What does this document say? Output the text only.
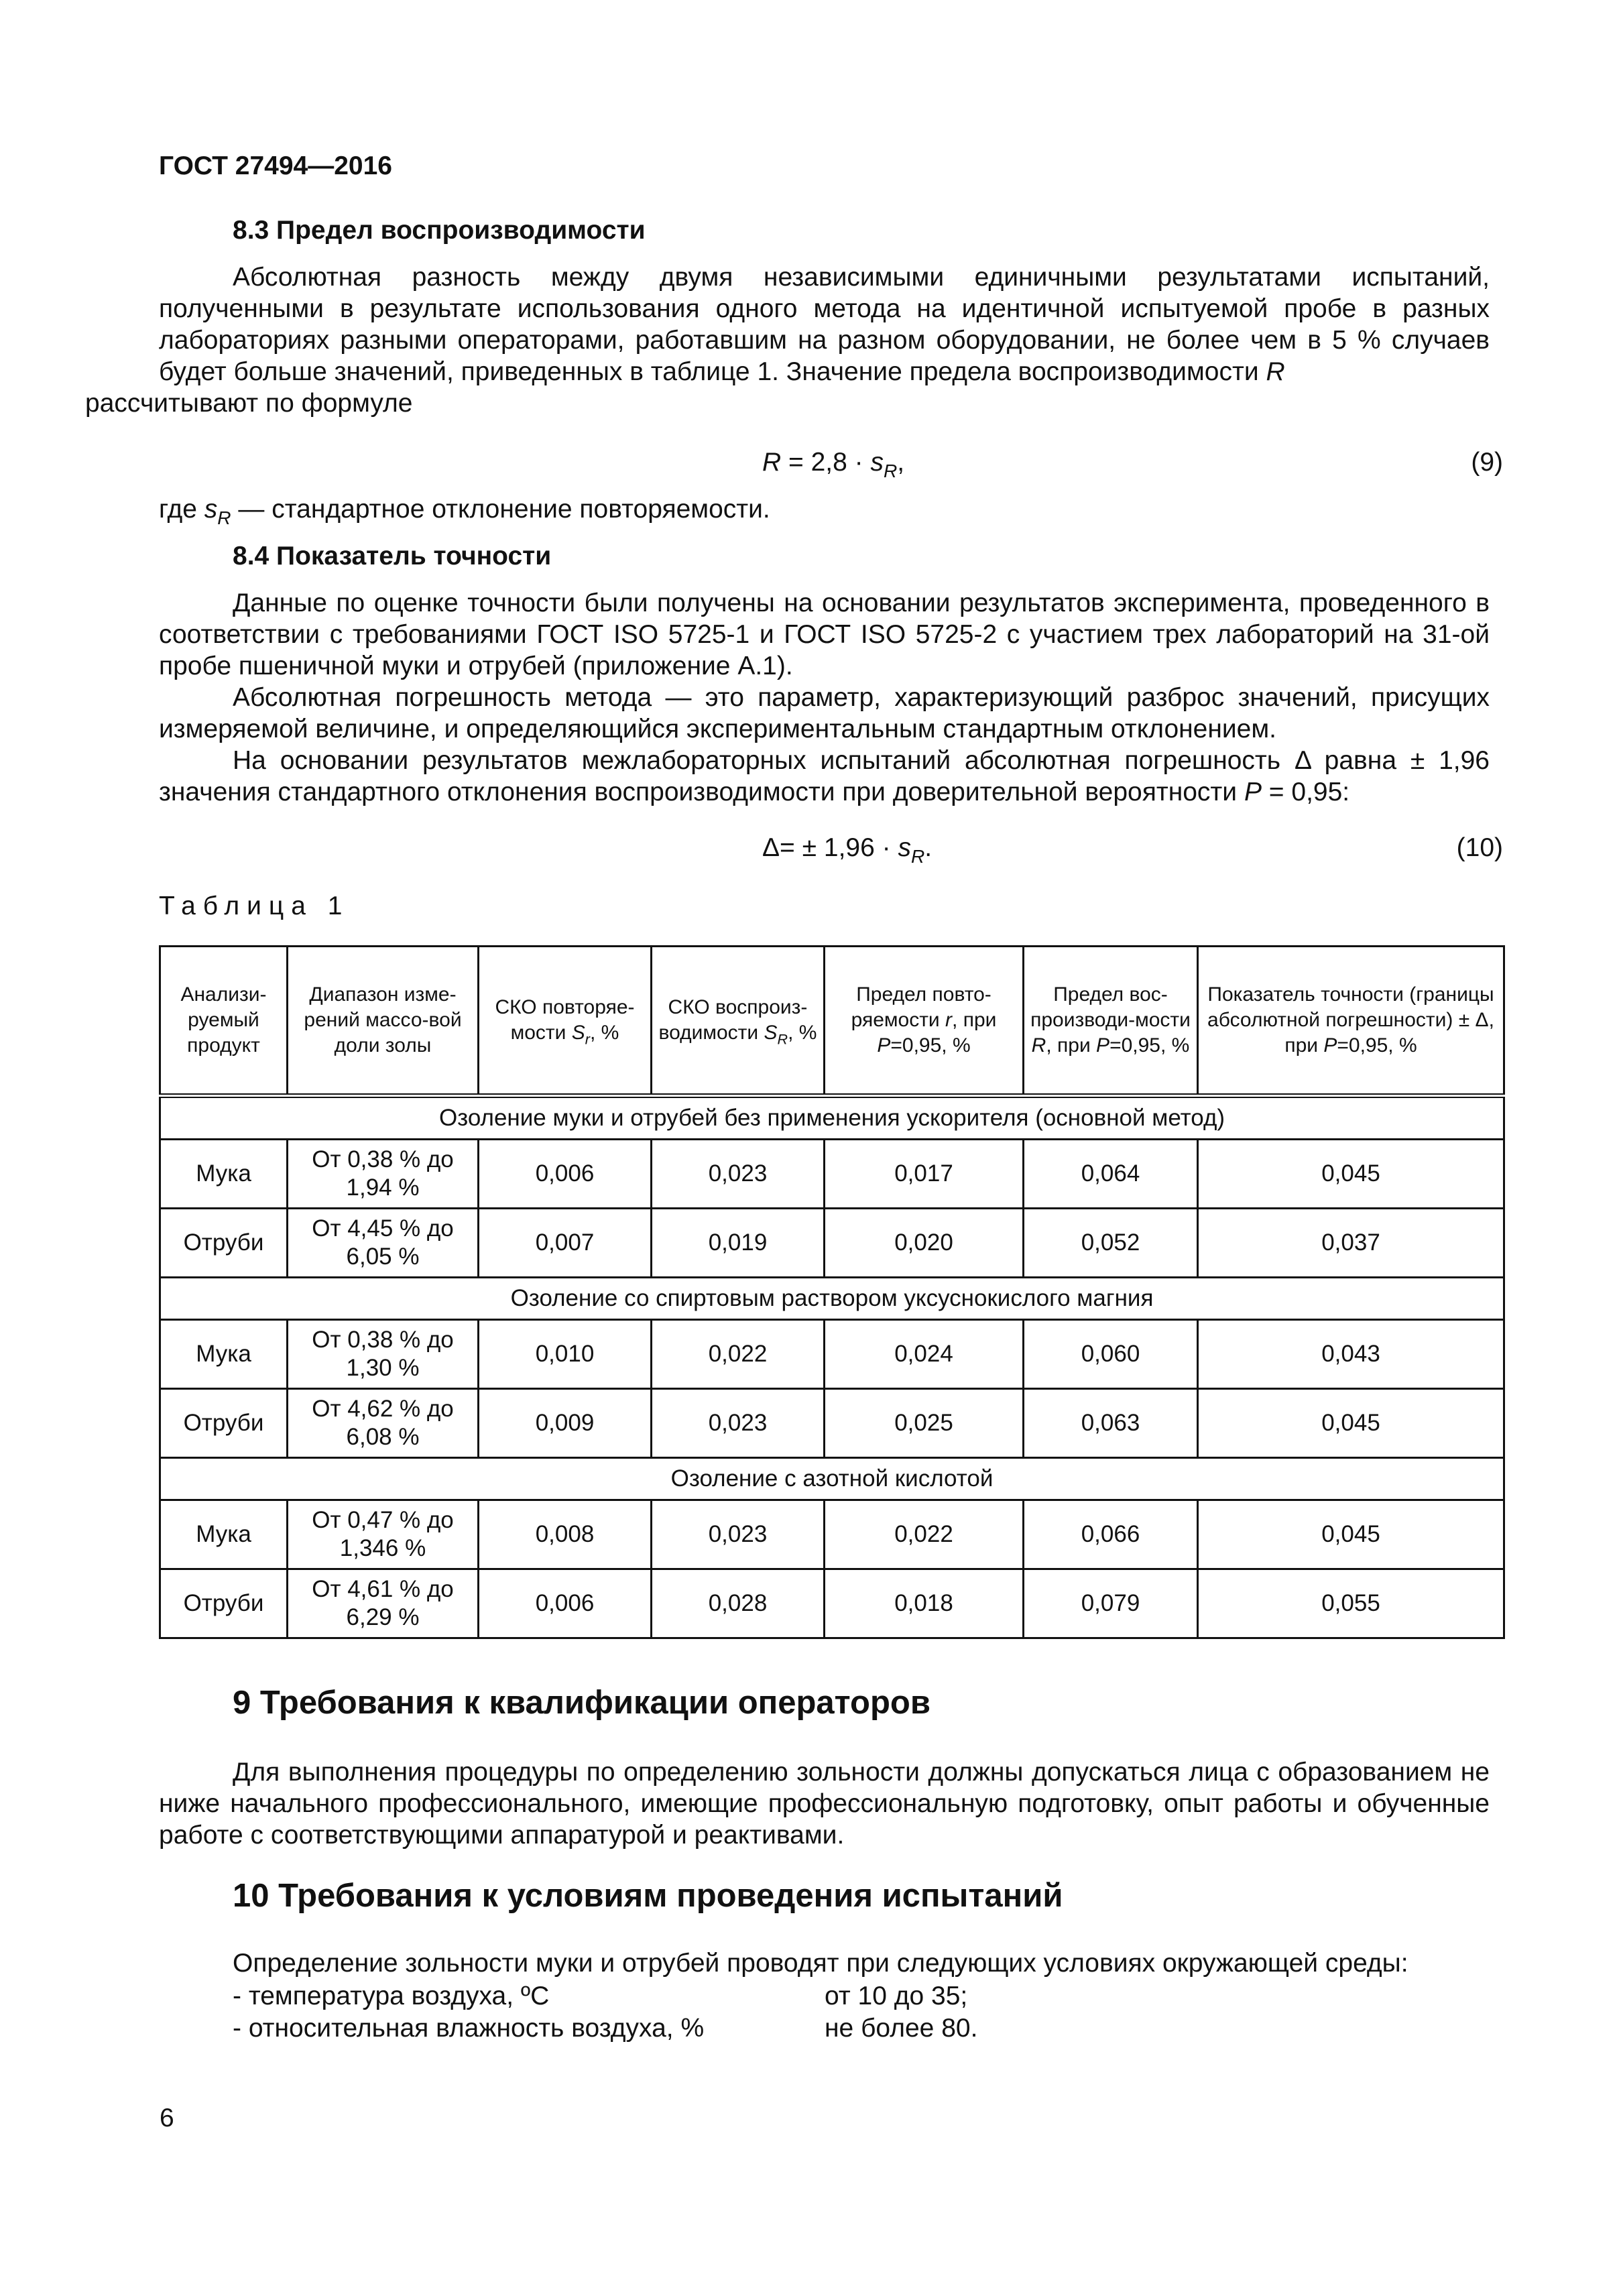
ГОСТ 27494—2016
8.3 Предел воспроизводимости

Абсолютная разность между двумя независимыми единичными результатами испытаний, полученными в результате использования одного метода на идентичной испытуемой пробе в разных лабораториях разными операторами, работавшим на разном оборудовании, не более чем в 5 % случаев будет больше значений, приведенных в таблице 1. Значение предела воспроизводимости R
рассчитывают по формуле

$R = 2,8 \cdot s_R$,	(9)
где $s_R$ — стандартное отклонение повторяемости.
8.4 Показатель точности

Данные по оценке точности были получены на основании результатов эксперимента, проведенного в соответствии с требованиями ГОСТ ISO 5725-1 и ГОСТ ISO 5725-2 с участием трех лабораторий на 31-ой пробе пшеничной муки и отрубей (приложение А.1).

Абсолютная погрешность метода — это параметр, характеризующий разброс значений, присущих измеряемой величине, и определяющийся экспериментальным стандартным отклонением.

На основании результатов межлабораторных испытаний абсолютная погрешность Δ равна ± 1,96 значения стандартного отклонения воспроизводимости при доверительной вероятности P = 0,95:

$\Delta= \pm 1,96 \cdot s_R$.	(10)
Таблица 1
Анализи-руемый продукт	Диапазон изме-рений массо-вой доли золы	СКО повторяе-мости $S_r$, %	СКО воспроиз-водимости $S_R$, %	Предел повто-ряемости r, при P=0,95, %	Предел вос-производи-мости R, при P=0,95, %	Показатель точности (границы абсолютной погрешности) ± Δ, при P=0,95, %
Озоление муки и отрубей без применения ускорителя (основной метод)						
Мука	От 0,38 % до 1,94 %	0,006	0,023	0,017	0,064	0,045
Отруби	От 4,45 % до 6,05 %	0,007	0,019	0,020	0,052	0,037
Озоление со спиртовым раствором уксуснокислого магния						
Мука	От 0,38 % до 1,30 %	0,010	0,022	0,024	0,060	0,043
Отруби	От 4,62 % до 6,08 %	0,009	0,023	0,025	0,063	0,045
Озоление с азотной кислотой						
Мука	От 0,47 % до 1,346 %	0,008	0,023	0,022	0,066	0,045
Отруби	От 4,61 % до 6,29 %	0,006	0,028	0,018	0,079	0,055
9 Требования к квалификации операторов

Для выполнения процедуры по определению зольности должны допускаться лица с образованием не ниже начального профессионального, имеющие профессиональную подготовку, опыт работы и обученные работе с соответствующими аппаратурой и реактивами.

10 Требования к условиям проведения испытаний
Определение зольности муки и отрубей проводят при следующих условиях окружающей среды:
- температура воздуха, ºС	от 10 до 35;
- относительная влажность воздуха, %	не более 80.
6
